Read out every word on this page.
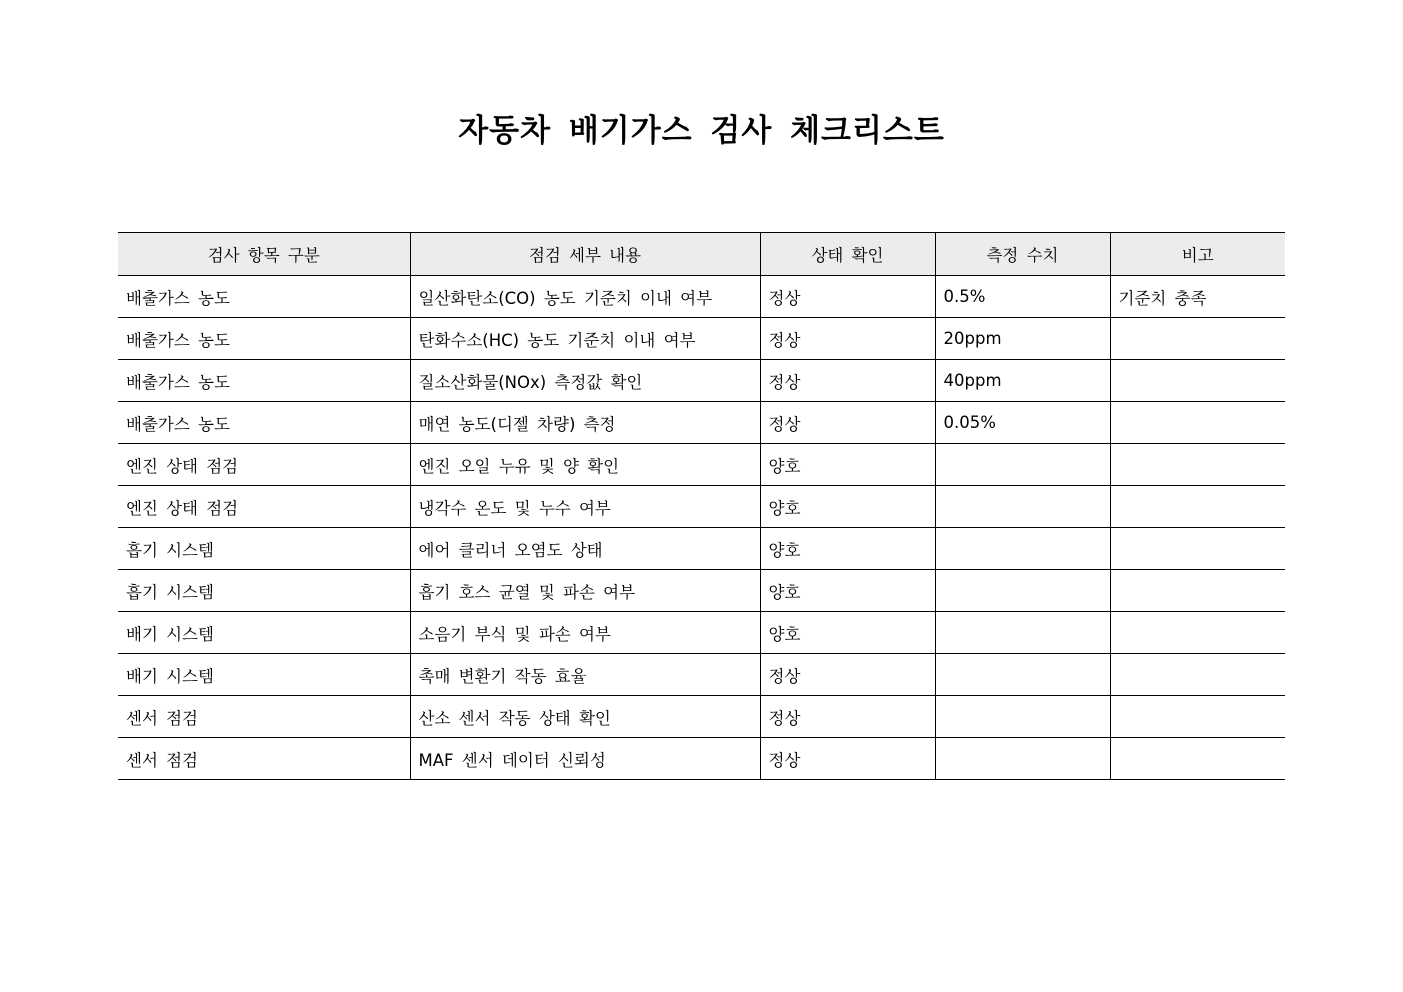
자동차 배기가스 검사 체크리스트
검사 항목 구분	점검 세부 내용	상태 확인	측정 수치	비고
배출가스 농도	일산화탄소(CO) 농도 기준치 이내 여부	정상	0.5%	기준치 충족
배출가스 농도	탄화수소(HC) 농도 기준치 이내 여부	정상	20ppm	
배출가스 농도	질소산화물(NOx) 측정값 확인	정상	40ppm	
배출가스 농도	매연 농도(디젤 차량) 측정	정상	0.05%	
엔진 상태 점검	엔진 오일 누유 및 양 확인	양호		
엔진 상태 점검	냉각수 온도 및 누수 여부	양호		
흡기 시스템	에어 클리너 오염도 상태	양호		
흡기 시스템	흡기 호스 균열 및 파손 여부	양호		
배기 시스템	소음기 부식 및 파손 여부	양호		
배기 시스템	촉매 변환기 작동 효율	정상		
센서 점검	산소 센서 작동 상태 확인	정상		
센서 점검	MAF 센서 데이터 신뢰성	정상		
